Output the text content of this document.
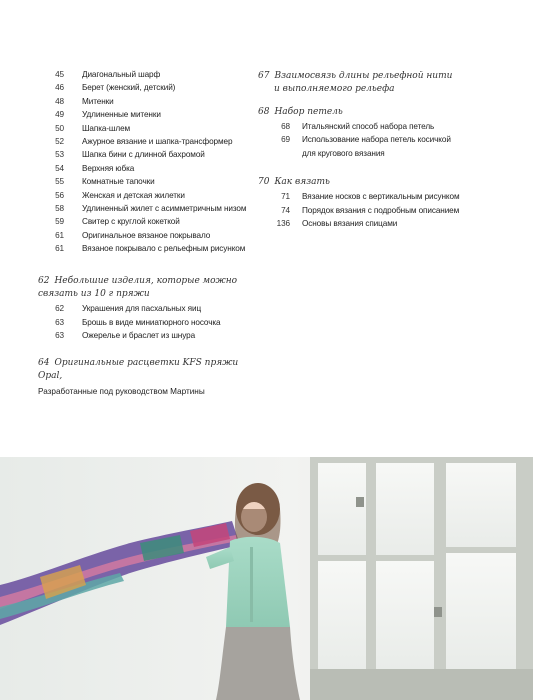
45 Диагональный шарф
46 Берет (женский, детский)
48 Митенки
49 Удлиненные митенки
50 Шапка-шлем
52 Ажурное вязание и шапка-трансформер
53 Шапка бини с длинной бахромой
54 Верхняя юбка
55 Комнатные тапочки
56 Женская и детская жилетки
58 Удлиненный жилет с асимметричным низом
59 Свитер с круглой кокеткой
61 Оригинальное вязаное покрывало
61 Вязаное покрывало с рельефным рисунком
62 Небольшие изделия, которые можно
связать из 10 г пряжи
62 Украшения для пасхальных яиц
63 Брошь в виде миниатюрного носочка
63 Ожерелье и браслет из шнура
64 Оригинальные расцветки KFS пряжи Opal,
Разработанные под руководством Мартины
67 Взаимосвязь длины рельефной нити
и выполняемого рельефа
68 Набор петель
68 Итальянский способ набора петель
69 Использование набора петель косичкой
для кругового вязания
70 Как вязать
71 Вязание носков с вертикальным рисунком
74 Порядок вязания с подробным описанием
136 Основы вязания спицами
